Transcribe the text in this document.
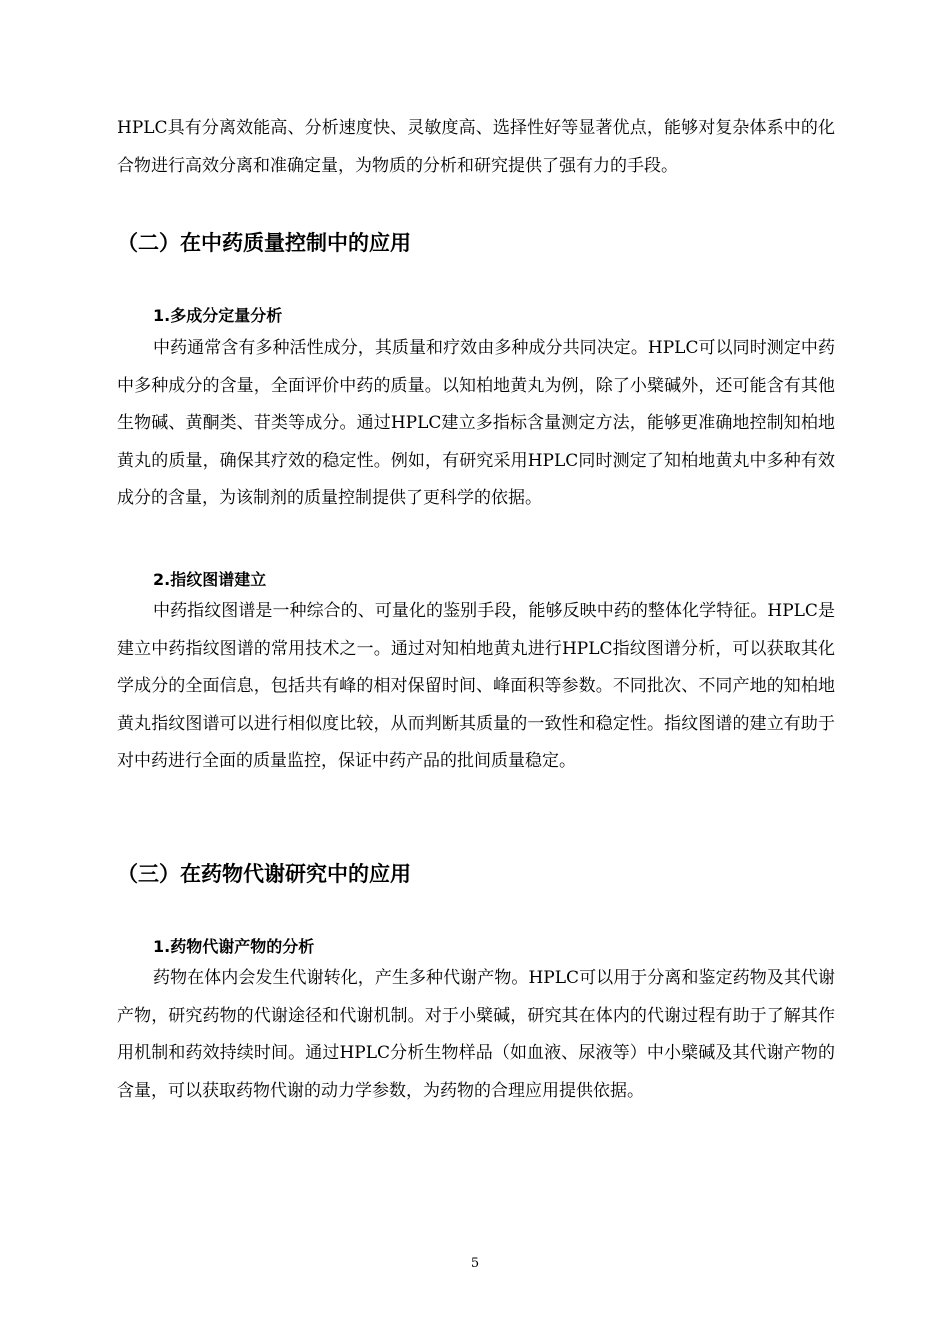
HPLC具有分离效能高、分析速度快、灵敏度高、选择性好等显著优点，能够对复杂体系中的化合物进行高效分离和准确定量，为物质的分析和研究提供了强有力的手段。

（二）在中药质量控制中的应用
1.多成分定量分析

中药通常含有多种活性成分，其质量和疗效由多种成分共同决定。HPLC可以同时测定中药中多种成分的含量，全面评价中药的质量。以知柏地黄丸为例，除了小檗碱外，还可能含有其他生物碱、黄酮类、苷类等成分。通过HPLC建立多指标含量测定方法，能够更准确地控制知柏地黄丸的质量，确保其疗效的稳定性。例如，有研究采用HPLC同时测定了知柏地黄丸中多种有效成分的含量，为该制剂的质量控制提供了更科学的依据。

2.指纹图谱建立

中药指纹图谱是一种综合的、可量化的鉴别手段，能够反映中药的整体化学特征。HPLC是建立中药指纹图谱的常用技术之一。通过对知柏地黄丸进行HPLC指纹图谱分析，可以获取其化学成分的全面信息，包括共有峰的相对保留时间、峰面积等参数。不同批次、不同产地的知柏地黄丸指纹图谱可以进行相似度比较，从而判断其质量的一致性和稳定性。指纹图谱的建立有助于对中药进行全面的质量监控，保证中药产品的批间质量稳定。

（三）在药物代谢研究中的应用
1.药物代谢产物的分析

药物在体内会发生代谢转化，产生多种代谢产物。HPLC可以用于分离和鉴定药物及其代谢产物，研究药物的代谢途径和代谢机制。对于小檗碱，研究其在体内的代谢过程有助于了解其作用机制和药效持续时间。通过HPLC分析生物样品（如血液、尿液等）中小檗碱及其代谢产物的含量，可以获取药物代谢的动力学参数，为药物的合理应用提供依据。

5
